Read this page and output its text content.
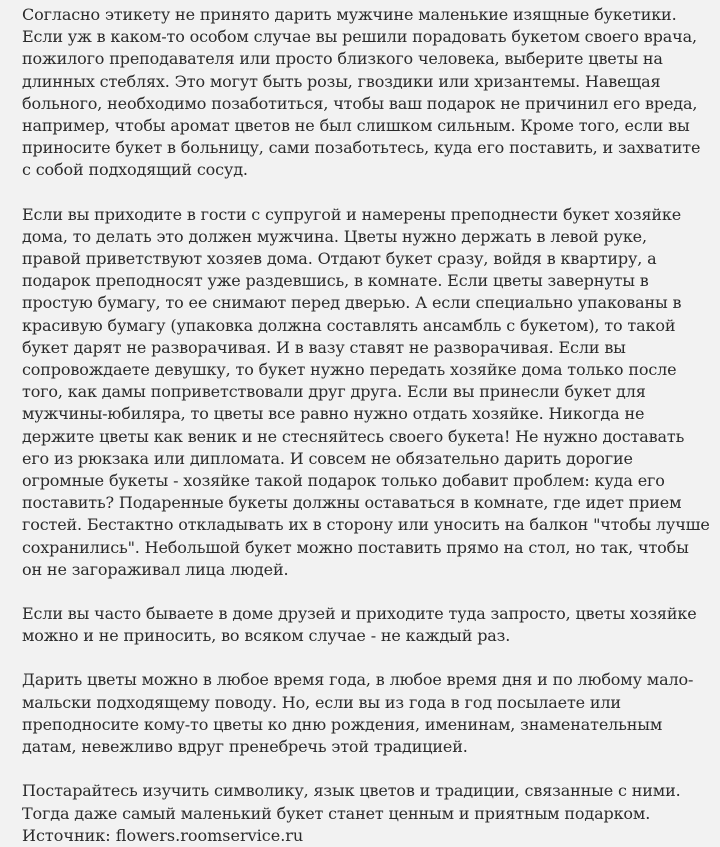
Согласно этикету не принято дарить мужчине маленькие изящные букетики. Если уж в каком-то особом случае вы решили порадовать букетом своего врача, пожилого преподавателя или просто близкого человека, выберите цветы на длинных стеблях. Это могут быть розы, гвоздики или хризантемы. Навещая больного, необходимо позаботиться, чтобы ваш подарок не причинил его вреда, например, чтобы аромат цветов не был слишком сильным. Кроме того, если вы приносите букет в больницу, сами позаботьтесь, куда его поставить, и захватите с собой подходящий сосуд.

Если вы приходите в гости с супругой и намерены преподнести букет хозяйке дома, то делать это должен мужчина. Цветы нужно держать в левой руке, правой приветствуют хозяев дома. Отдают букет сразу, войдя в квартиру, а подарок преподносят уже раздевшись, в комнате. Если цветы завернуты в простую бумагу, то ее снимают перед дверью. А если специально упакованы в красивую бумагу (упаковка должна составлять ансамбль с букетом), то такой букет дарят не разворачивая. И в вазу ставят не разворачивая. Если вы сопровождаете девушку, то букет нужно передать хозяйке дома только после того, как дамы поприветствовали друг друга. Если вы принесли букет для мужчины-юбиляра, то цветы все равно нужно отдать хозяйке. Никогда не держите цветы как веник и не стесняйтесь своего букета! Не нужно доставать его из рюкзака или дипломата. И совсем не обязательно дарить дорогие огромные букеты - хозяйке такой подарок только добавит проблем: куда его поставить? Подаренные букеты должны оставаться в комнате, где идет прием гостей. Бестактно откладывать их в сторону или уносить на балкон "чтобы лучше сохранились". Небольшой букет можно поставить прямо на стол, но так, чтобы он не загораживал лица людей.

Если вы часто бываете в доме друзей и приходите туда запросто, цветы хозяйке можно и не приносить, во всяком случае - не каждый раз.

Дарить цветы можно в любое время года, в любое время дня и по любому мало-мальски подходящему поводу. Но, если вы из года в год посылаете или преподносите кому-то цветы ко дню рождения, именинам, знаменательным датам, невежливо вдруг пренебречь этой традицией.

Постарайтесь изучить символику, язык цветов и традиции, связанные с ними. Тогда даже самый маленький букет станет ценным и приятным подарком.

Источник: flowers.roomservice.ru
